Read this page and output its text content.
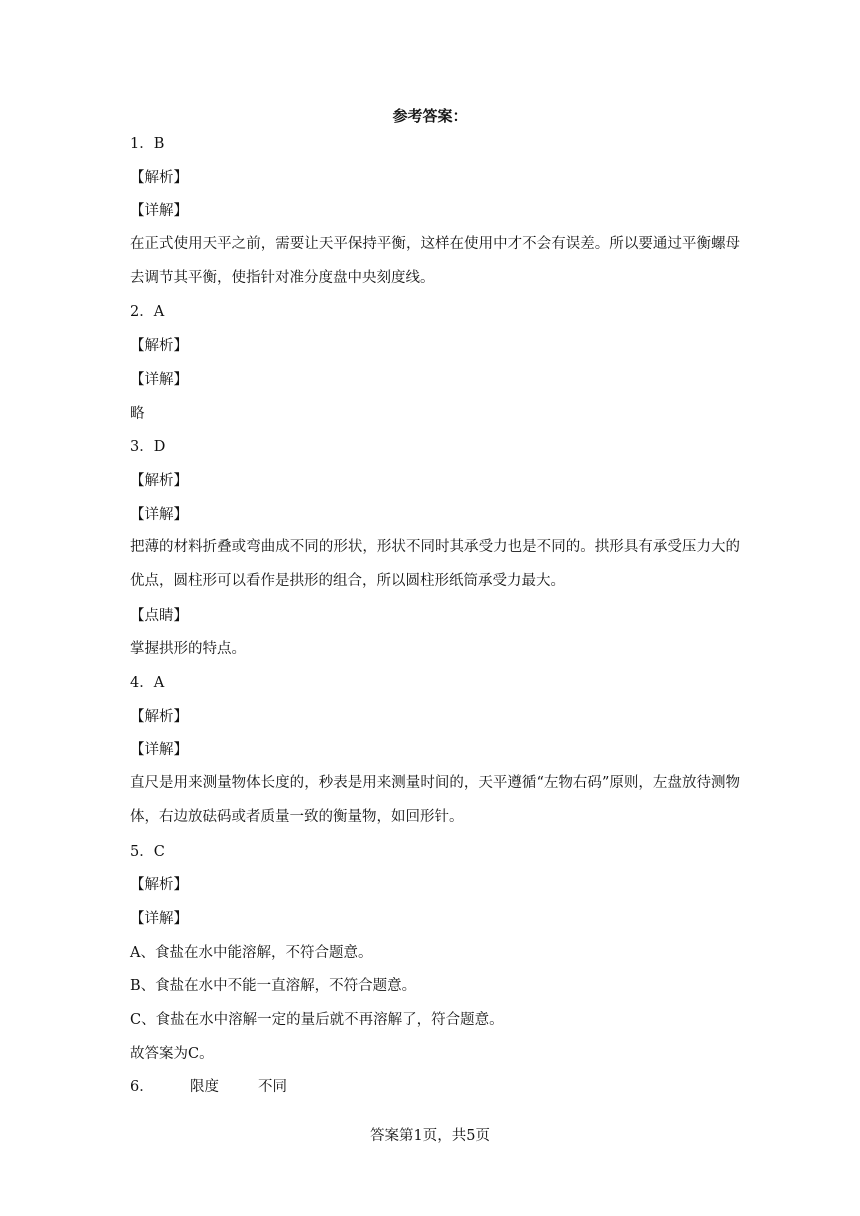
参考答案：
1．B
【解析】
【详解】
在正式使用天平之前，需要让天平保持平衡，这样在使用中才不会有误差。所以要通过平衡螺母去调节其平衡，使指针对准分度盘中央刻度线。
2．A
【解析】
【详解】
略
3．D
【解析】
【详解】
把薄的材料折叠或弯曲成不同的形状，形状不同时其承受力也是不同的。拱形具有承受压力大的优点，圆柱形可以看作是拱形的组合，所以圆柱形纸筒承受力最大。
【点睛】
掌握拱形的特点。
4．A
【解析】
【详解】
直尺是用来测量物体长度的，秒表是用来测量时间的，天平遵循“左物右码”原则，左盘放待测物体，右边放砝码或者质量一致的衡量物，如回形针。
5．C
【解析】
【详解】
A、食盐在水中能溶解，不符合题意。
B、食盐在水中不能一直溶解，不符合题意。
C、食盐在水中溶解一定的量后就不再溶解了，符合题意。
故答案为C。
6．	限度	不同
答案第1页，共5页
